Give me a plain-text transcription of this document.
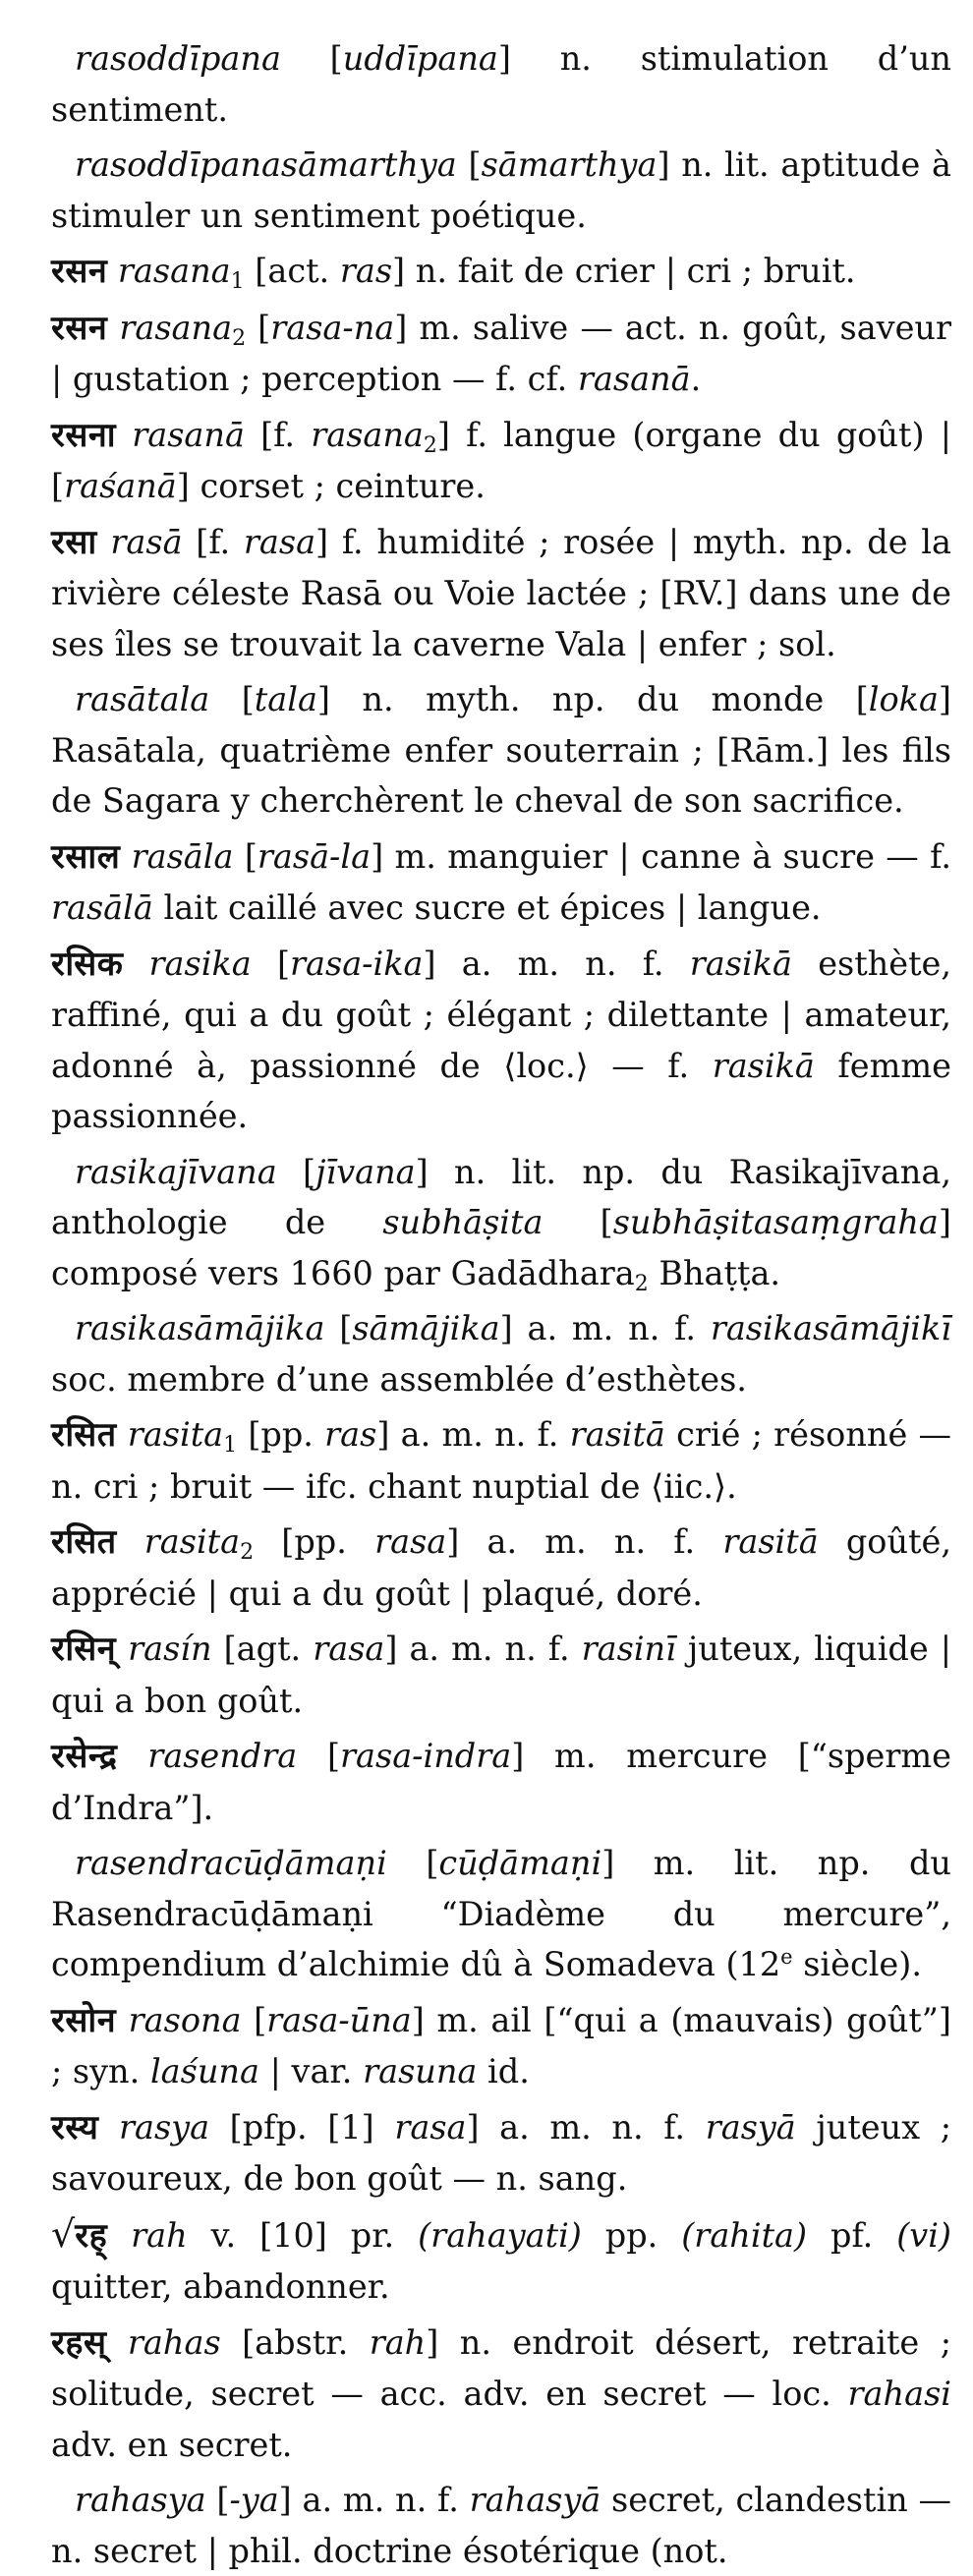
rasoddīpana [uddīpana] n. stimulation d’un sentiment.
rasoddīpanasāmarthya [sāmarthya] n. lit. aptitude à stimuler un sentiment poétique.
रसन rasana$_1$ [act. ras] n. fait de crier | cri ; bruit.
रसन rasana$_2$ [rasa-na] m. salive — act. n. goût, saveur | gustation ; perception — f. cf. rasanā.
रसना rasanā [f. rasana$_2$] f. langue (organe du goût) | [raśanā] corset ; ceinture.
रसा rasā [f. rasa] f. humidité ; rosée | myth. np. de la rivière céleste Rasā ou Voie lactée ; [RV.] dans une de ses îles se trouvait la caverne Vala | enfer ; sol.
rasātala [tala] n. myth. np. du monde [loka] Rasātala, quatrième enfer souterrain ; [Rām.] les fils de Sagara y cherchèrent le cheval de son sacrifice.
रसाल rasāla [rasā-la] m. manguier | canne à sucre — f. rasālā lait caillé avec sucre et épices | langue.
रसिक rasika [rasa-ika] a. m. n. f. rasikā esthète, raffiné, qui a du goût ; élégant ; dilettante | amateur, adonné à, passionné de ⟨loc.⟩ — f. rasikā femme passionnée.
rasikajīvana [jīvana] n. lit. np. du Rasikajīvana, anthologie de subhāṣita [subhāṣitasaṃgraha] composé vers 1660 par Gadādhara$_2$ Bhaṭṭa.
rasikasāmājika [sāmājika] a. m. n. f. rasikasāmājikī soc. membre d’une assemblée d’esthètes.
रसित rasita$_1$ [pp. ras] a. m. n. f. rasitā crié ; résonné — n. cri ; bruit — ifc. chant nuptial de ⟨iic.⟩.
रसित rasita$_2$ [pp. rasa] a. m. n. f. rasitā goûté, apprécié | qui a du goût | plaqué, doré.
रसिन् rasín [agt. rasa] a. m. n. f. rasinī juteux, liquide | qui a bon goût.
रसेन्द्र rasendra [rasa-indra] m. mercure [“sperme d’Indra”].
rasendracūḍāmaṇi [cūḍāmaṇi] m. lit. np. du Rasendracūḍāmaṇi “Diadème du mercure”, compendium d’alchimie dû à Somadeva (12e siècle).
रसोन rasona [rasa-ūna] m. ail [“qui a (mauvais) goût”] ; syn. laśuna | var. rasuna id.
रस्य rasya [pfp. [1] rasa] a. m. n. f. rasyā juteux ; savoureux, de bon goût — n. sang.
√रह् rah v. [10] pr. (rahayati) pp. (rahita) pf. (vi) quitter, abandonner.
रहस् rahas [abstr. rah] n. endroit désert, retraite ; solitude, secret — acc. adv. en secret — loc. rahasi adv. en secret.
rahasya [-ya] a. m. n. f. rahasyā secret, clandestin — n. secret | phil. doctrine ésotérique (not.
